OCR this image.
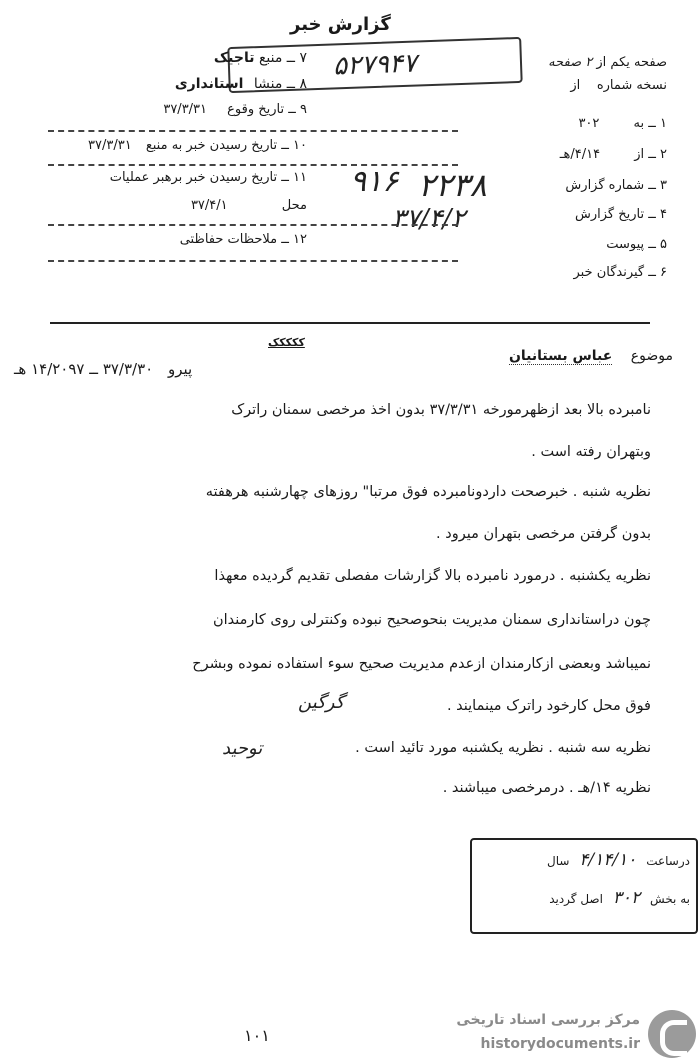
گزارش خبر
۵۲۷۹۴۷	صفحه یکم از ۲ صفحه
نسخه شماره    از
۱ ــ به ۳۰۲
۲ ــ از ۴/۱۴/هـ
۳ ــ شماره گزارش
۴ ــ تاریخ گزارش
۵ ــ پیوست
۶ ــ گیرندگان خبر
۹۱۶ ۲۲۳۸
۳۷/۴/۲
۷ ــ منبع تاجیک
۸ ــ منشا استانداری
۹ ــ تاریخ وقوع ۳۷/۳/۳۱
۱۰ ــ تاریخ رسیدن خبر به منبع ۳۷/۳/۳۱
۱۱ ــ تاریخ رسیدن خبر برهبر عملیات
محل ۳۷/۴/۱
۱۲ ــ ملاحظات حفاظتی
ککککک
موضوع عباس بستانیان
پیرو ۳۷/۳/۳۰ ــ ۱۴/۲۰۹۷ هـ
نامبرده بالا بعد ازظهرمورخه ۳۷/۳/۳۱ بدون اخذ مرخصی سمنان راترک
وبتهران رفته است .
نظریه شنبه . خبرصحت داردونامبرده فوق مرتبا" روزهای چهارشنبه هرهفته
بدون گرفتن مرخصی بتهران میرود .
نظریه یکشنبه . درمورد نامبرده بالا گزارشات مفصلی تقدیم گردیده معهذا
چون دراستانداری سمنان مدیریت بنحوصحیح نبوده وکنترلی روی کارمندان
نمیباشد وبعضی ازکارمندان ازعدم مدیریت صحیح سوء استفاده نموده وبشرح
فوق محل کارخود راترک مینمایند .
نظریه سه شنبه . نظریه یکشنبه مورد تائید است .
نظریه ۱۴/هـ . درمرخصی میباشند .
گرگین
توحید
درساعت ۴/۱۴/۱۰ سال
به بخش ۳۰۲ اصل گردید
۱۰۱
مرکز بررسی اسناد تاریخی
historydocuments.ir
